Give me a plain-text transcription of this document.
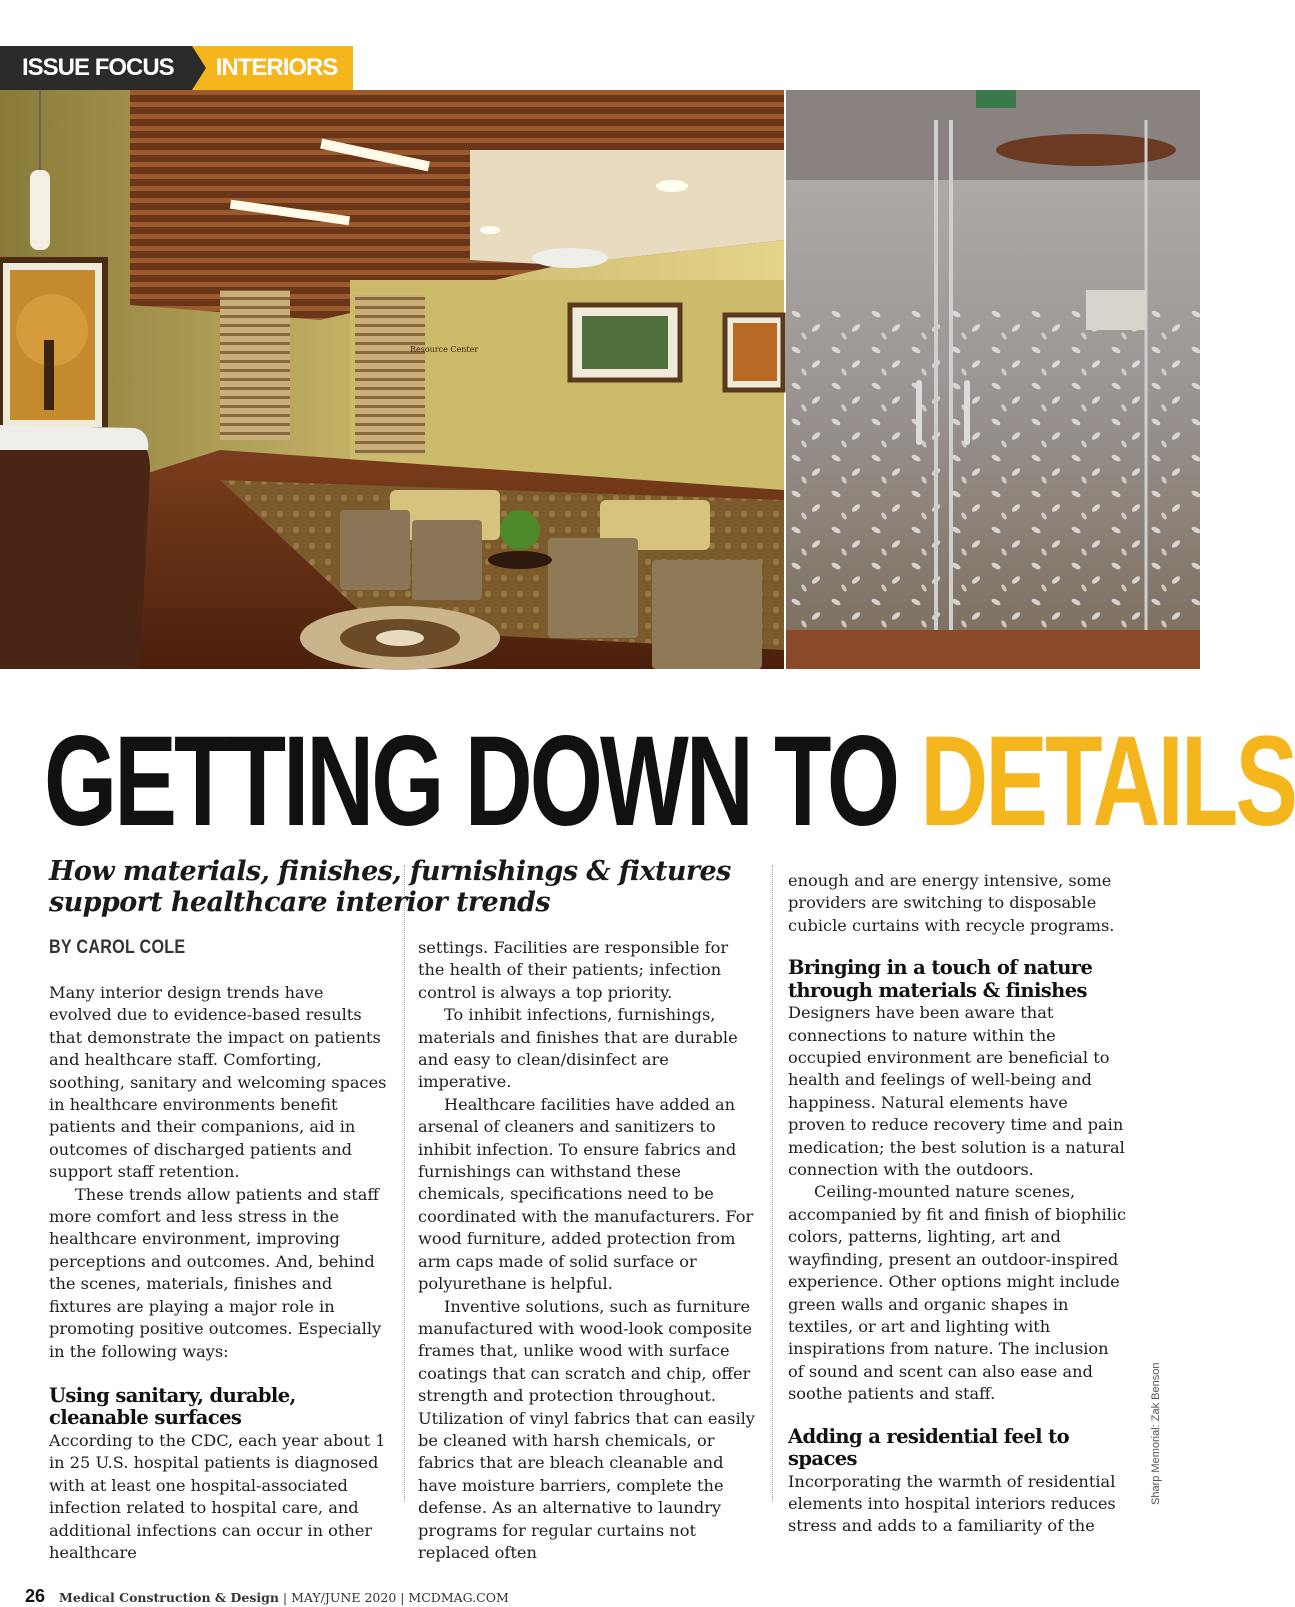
ISSUE FOCUS	INTERIORS
Resource Center
GETTING DOWN TO DETAILS
How materials, finishes, furnishings & fixtures support healthcare interior trends
BY CAROL COLE

Many interior design trends have evolved due to evidence-based results that demonstrate the impact on patients and healthcare staff. Comforting, soothing, sanitary and welcoming spaces in healthcare environments benefit patients and their companions, aid in outcomes of discharged patients and support staff retention.

These trends allow patients and staff more comfort and less stress in the healthcare environment, improving perceptions and outcomes. And, behind the scenes, materials, finishes and fixtures are playing a major role in promoting positive outcomes. Especially in the following ways:

Using sanitary, durable, cleanable surfaces

According to the CDC, each year about 1 in 25 U.S. hospital patients is diagnosed with at least one hospital-associated infection related to hospital care, and additional infections can occur in other healthcare

settings. Facilities are responsible for the health of their patients; infection control is always a top priority.

To inhibit infections, furnishings, materials and finishes that are durable and easy to clean/disinfect are imperative.

Healthcare facilities have added an arsenal of cleaners and sanitizers to inhibit infection. To ensure fabrics and furnishings can withstand these chemicals, specifications need to be coordinated with the manufacturers. For wood furniture, added protection from arm caps made of solid surface or polyurethane is helpful.

Inventive solutions, such as furniture manufactured with wood-look composite frames that, unlike wood with surface coatings that can scratch and chip, offer strength and protection throughout. Utilization of vinyl fabrics that can easily be cleaned with harsh chemicals, or fabrics that are bleach cleanable and have moisture barriers, complete the defense. As an alternative to laundry programs for regular curtains not replaced often

enough and are energy intensive, some providers are switching to disposable cubicle curtains with recycle programs.

Bringing in a touch of nature through materials & finishes

Designers have been aware that connections to nature within the occupied environment are beneficial to health and feelings of well-being and happiness. Natural elements have proven to reduce recovery time and pain medication; the best solution is a natural connection with the outdoors.

Ceiling-mounted nature scenes, accompanied by fit and finish of biophilic colors, patterns, lighting, art and wayfinding, present an outdoor-inspired experience. Other options might include green walls and organic shapes in textiles, or art and lighting with inspirations from nature. The inclusion of sound and scent can also ease and soothe patients and staff.

Adding a residential feel to spaces

Incorporating the warmth of residential elements into hospital interiors reduces stress and adds to a familiarity of the

Sharp Memorial: Zak Benson
26 Medical Construction & Design | MAY/JUNE 2020 | MCDMAG.COM
